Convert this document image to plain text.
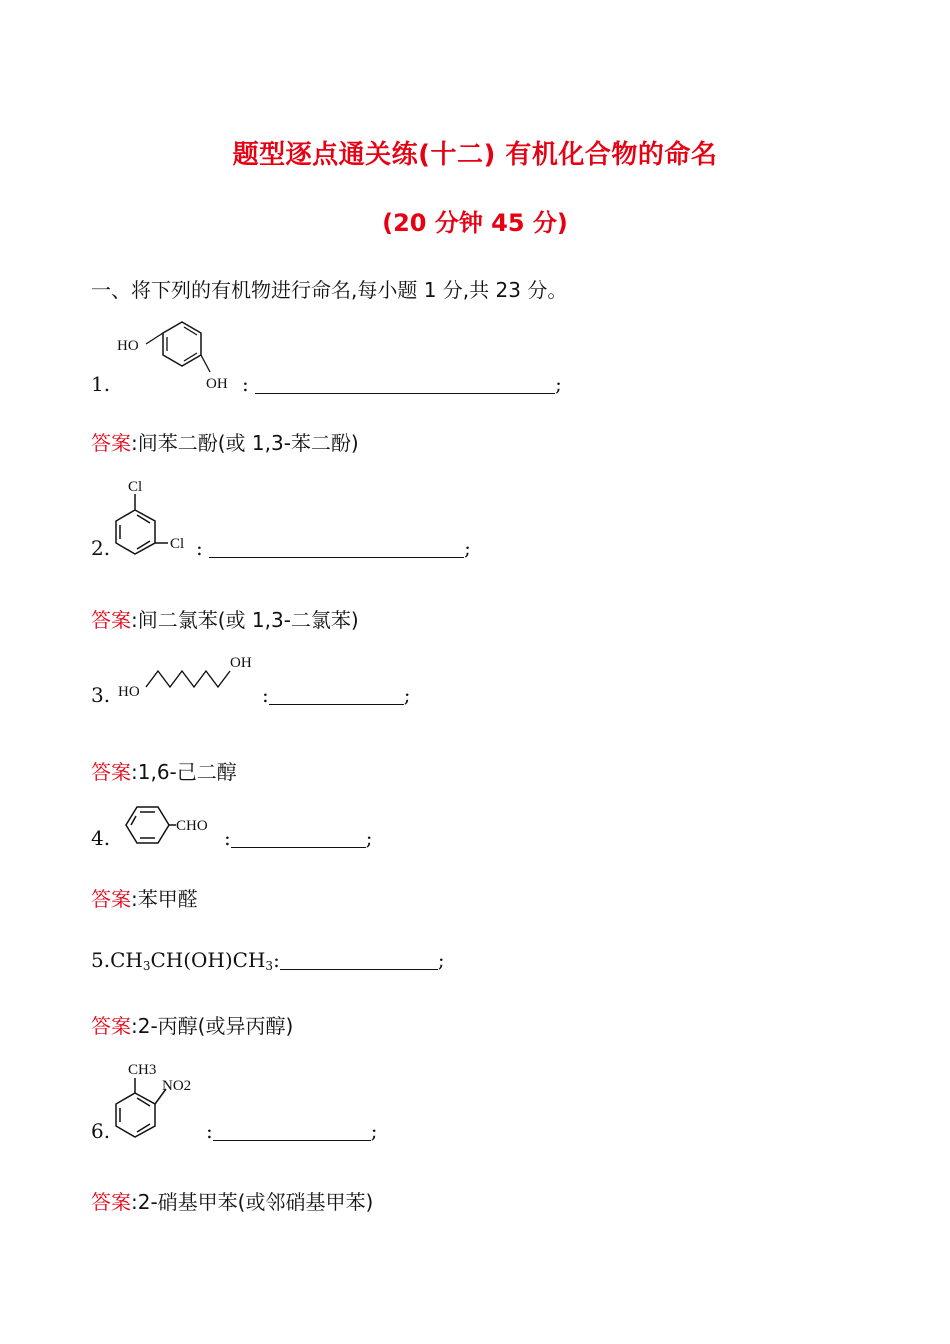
题型逐点通关练(十二) 有机化合物的命名
(20 分钟 45 分)
一、将下列的有机物进行命名,每小题 1 分,共 23 分。
1.
HO
OH :	;
答案:间苯二酚(或 1,3-苯二酚)
2.
Cl
Cl :	;
答案:间二氯苯(或 1,3-二氯苯)
3.
OH
HO	:	;
答案:1,6-己二醇
4.	CHO :	;
答案:苯甲醛
$5.CH_3CH(OH)CH_3$:	;
答案:2-丙醇(或异丙醇)
6.
CH3
NO2
:	;
答案:2-硝基甲苯(或邻硝基甲苯)
